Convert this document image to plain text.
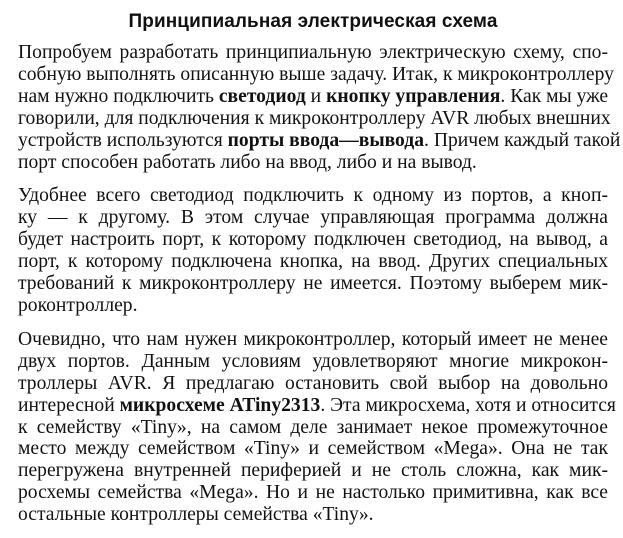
Принципиальная электрическая схема

Попробуем разработать принципиальную электрическую схему, спо-
собную выполнять описанную выше задачу. Итак, к микроконтроллеру
нам нужно подключить светодиод и кнопку управления. Как мы уже
говорили, для подключения к микроконтроллеру AVR любых внешних
устройств используются порты ввода—вывода. Причем каждый такой
порт способен работать либо на ввод, либо и на вывод.

Удобнее всего светодиод подключить к одному из портов, а кноп-
ку — к другому. В этом случае управляющая программа должна
будет настроить порт, к которому подключен светодиод, на вывод, а
порт, к которому подключена кнопка, на ввод. Других специальных
требований к микроконтроллеру не имеется. Поэтому выберем мик-
роконтроллер.

Очевидно, что нам нужен микроконтроллер, который имеет не менее
двух портов. Данным условиям удовлетворяют многие микрокон-
троллеры AVR. Я предлагаю остановить свой выбор на довольно
интересной микросхеме ATiny2313. Эта микросхема, хотя и относится
к семейству «Tiny», на самом деле занимает некое промежуточное
место между семейством «Tiny» и семейством «Mega». Она не так
перегружена внутренней периферией и не столь сложна, как мик-
росхемы семейства «Mega». Но и не настолько примитивна, как все
остальные контроллеры семейства «Tiny».
